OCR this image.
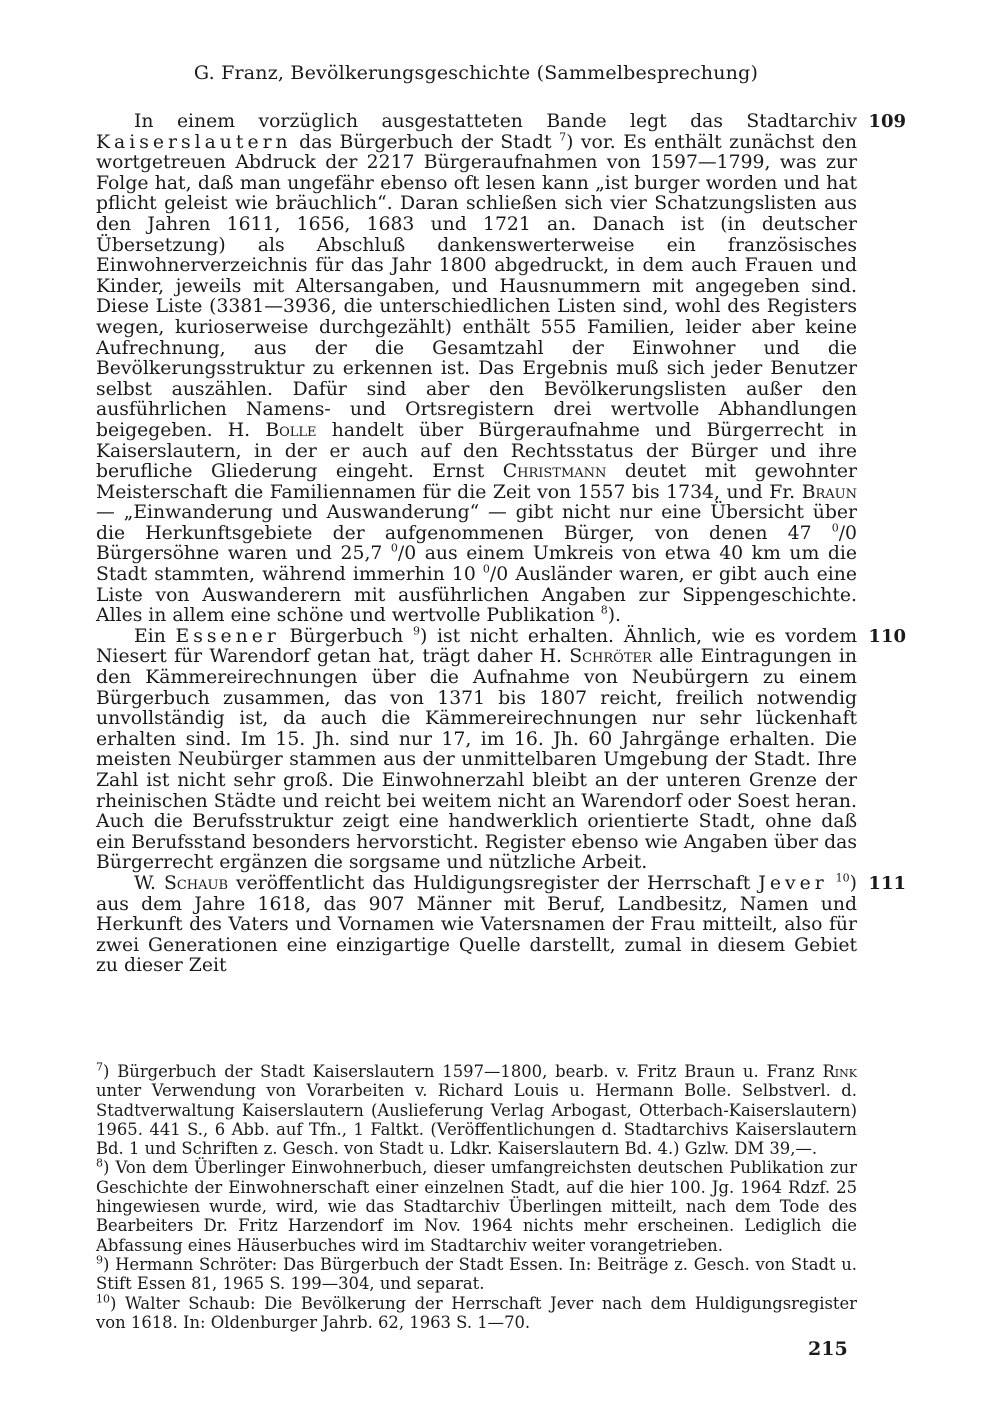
G. Franz, Bevölkerungsgeschichte (Sammelbesprechung)

109
In einem vorzüglich ausgestatteten Bande legt das Stadtarchiv Kaiserslautern das Bürgerbuch der Stadt $^7$) vor. Es enthält zunächst den wortgetreuen Abdruck der 2217 Bürgeraufnahmen von 1597—1799, was zur Folge hat, daß man ungefähr ebenso oft lesen kann „ist burger worden und hat pflicht geleist wie bräuchlich“. Daran schließen sich vier Schatzungslisten aus den Jahren 1611, 1656, 1683 und 1721 an. Danach ist (in deutscher Übersetzung) als Abschluß dankenswerterweise ein französisches Einwohnerverzeichnis für das Jahr 1800 abgedruckt, in dem auch Frauen und Kinder, jeweils mit Altersangaben, und Hausnummern mit angegeben sind. Diese Liste (3381—3936, die unterschiedlichen Listen sind, wohl des Registers wegen, kurioserweise durchgezählt) enthält 555 Familien, leider aber keine Aufrechnung, aus der die Gesamtzahl der Einwohner und die Bevölkerungsstruktur zu erkennen ist. Das Ergebnis muß sich jeder Benutzer selbst auszählen. Dafür sind aber den Bevölkerungslisten außer den ausführlichen Namens- und Ortsregistern drei wertvolle Abhandlungen beigegeben. H. Bolle handelt über Bürgeraufnahme und Bürgerrecht in Kaiserslautern, in der er auch auf den Rechtsstatus der Bürger und ihre berufliche Gliederung eingeht. Ernst Christmann deutet mit gewohnter Meisterschaft die Familiennamen für die Zeit von 1557 bis 1734, und Fr. Braun — „Einwanderung und Auswanderung“ — gibt nicht nur eine Übersicht über die Herkunftsgebiete der aufgenommenen Bürger, von denen 47 $^0$/0 Bürgersöhne waren und 25,7 $^0$/0 aus einem Umkreis von etwa 40 km um die Stadt stammten, während immerhin 10 $^0$/0 Ausländer waren, er gibt auch eine Liste von Auswanderern mit ausführlichen Angaben zur Sippengeschichte. Alles in allem eine schöne und wertvolle Publikation $^8$).

110
Ein Essener Bürgerbuch $^9$) ist nicht erhalten. Ähnlich, wie es vordem Niesert für Warendorf getan hat, trägt daher H. Schröter alle Eintragungen in den Kämmereirechnungen über die Aufnahme von Neubürgern zu einem Bürgerbuch zusammen, das von 1371 bis 1807 reicht, freilich notwendig unvollständig ist, da auch die Kämmereirechnungen nur sehr lückenhaft erhalten sind. Im 15. Jh. sind nur 17, im 16. Jh. 60 Jahrgänge erhalten. Die meisten Neubürger stammen aus der unmittelbaren Umgebung der Stadt. Ihre Zahl ist nicht sehr groß. Die Einwohnerzahl bleibt an der unteren Grenze der rheinischen Städte und reicht bei weitem nicht an Warendorf oder Soest heran. Auch die Berufsstruktur zeigt eine handwerklich orientierte Stadt, ohne daß ein Berufsstand besonders hervorsticht. Register ebenso wie Angaben über das Bürgerrecht ergänzen die sorgsame und nützliche Arbeit.

111
W. Schaub veröffentlicht das Huldigungsregister der Herrschaft Jever $^{10}$) aus dem Jahre 1618, das 907 Männer mit Beruf, Landbesitz, Namen und Herkunft des Vaters und Vornamen wie Vatersnamen der Frau mitteilt, also für zwei Generationen eine einzigartige Quelle darstellt, zumal in diesem Gebiet zu dieser Zeit

$^7$) Bürgerbuch der Stadt Kaiserslautern 1597—1800, bearb. v. Fritz Braun u. Franz Rink unter Verwendung von Vorarbeiten v. Richard Louis u. Hermann Bolle. Selbstverl. d. Stadtverwaltung Kaiserslautern (Auslieferung Verlag Arbogast, Otterbach-Kaiserslautern) 1965. 441 S., 6 Abb. auf Tfn., 1 Faltkt. (Veröffentlichungen d. Stadtarchivs Kaiserslautern Bd. 1 und Schriften z. Gesch. von Stadt u. Ldkr. Kaiserslautern Bd. 4.) Gzlw. DM 39,—.

$^8$) Von dem Überlinger Einwohnerbuch, dieser umfangreichsten deutschen Publikation zur Geschichte der Einwohnerschaft einer einzelnen Stadt, auf die hier 100. Jg. 1964 Rdzf. 25 hingewiesen wurde, wird, wie das Stadtarchiv Überlingen mitteilt, nach dem Tode des Bearbeiters Dr. Fritz Harzendorf im Nov. 1964 nichts mehr erscheinen. Lediglich die Abfassung eines Häuserbuches wird im Stadtarchiv weiter vorangetrieben.

$^9$) Hermann Schröter: Das Bürgerbuch der Stadt Essen. In: Beiträge z. Gesch. von Stadt u. Stift Essen 81, 1965 S. 199—304, und separat.

$^{10}$) Walter Schaub: Die Bevölkerung der Herrschaft Jever nach dem Huldigungsregister von 1618. In: Oldenburger Jahrb. 62, 1963 S. 1—70.

215
